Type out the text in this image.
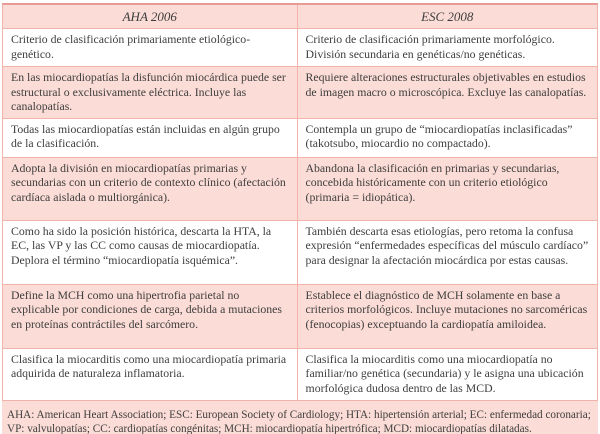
AHA 2006	ESC 2008
Criterio de clasificación primariamente etiológico-genético.	Criterio de clasificación primariamente morfológico. División secundaria en genéticas/no genéticas.
En las miocardiopatías la disfunción miocárdica puede ser estructural o exclusivamente eléctrica. Incluye las canalopatías.	Requiere alteraciones estructurales objetivables en estudios de imagen macro o microscópica. Excluye las canalopatías.
Todas las miocardiopatías están incluidas en algún grupo de la clasificación.	Contempla un grupo de “miocardiopatías inclasificadas” (takotsubo, miocardio no compactado).
Adopta la división en miocardiopatías primarias y secundarias con un criterio de contexto clínico (afectación cardíaca aislada o multiorgánica).	Abandona la clasificación en primarias y secundarias, concebida históricamente con un criterio etiológico (primaria = idiopática).
Como ha sido la posición histórica, descarta la HTA, la EC, las VP y las CC como causas de miocardiopatía. Deplora el término “miocardiopatía isquémica”.	También descarta esas etiologías, pero retoma la confusa expresión “enfermedades específicas del músculo cardíaco” para designar la afectación miocárdica por estas causas.
Define la MCH como una hipertrofia parietal no explicable por condiciones de carga, debida a mutaciones en proteínas contráctiles del sarcómero.	Establece el diagnóstico de MCH solamente en base a criterios morfológicos. Incluye mutaciones no sarcoméricas (fenocopias) exceptuando la cardiopatía amiloidea.
Clasifica la miocarditis como una miocardiopatía primaria adquirida de naturaleza inflamatoria.	Clasifica la miocarditis como una miocardiopatía no familiar/no genética (secundaria) y le asigna una ubicación morfológica dudosa dentro de las MCD.
AHA: American Heart Association; ESC: European Society of Cardiology; HTA: hipertensión arterial; EC: enfermedad coronaria; VP: valvulopatías; CC: cardiopatías congénitas; MCH: miocardiopatía hipertrófica; MCD: miocardiopatías dilatadas.
